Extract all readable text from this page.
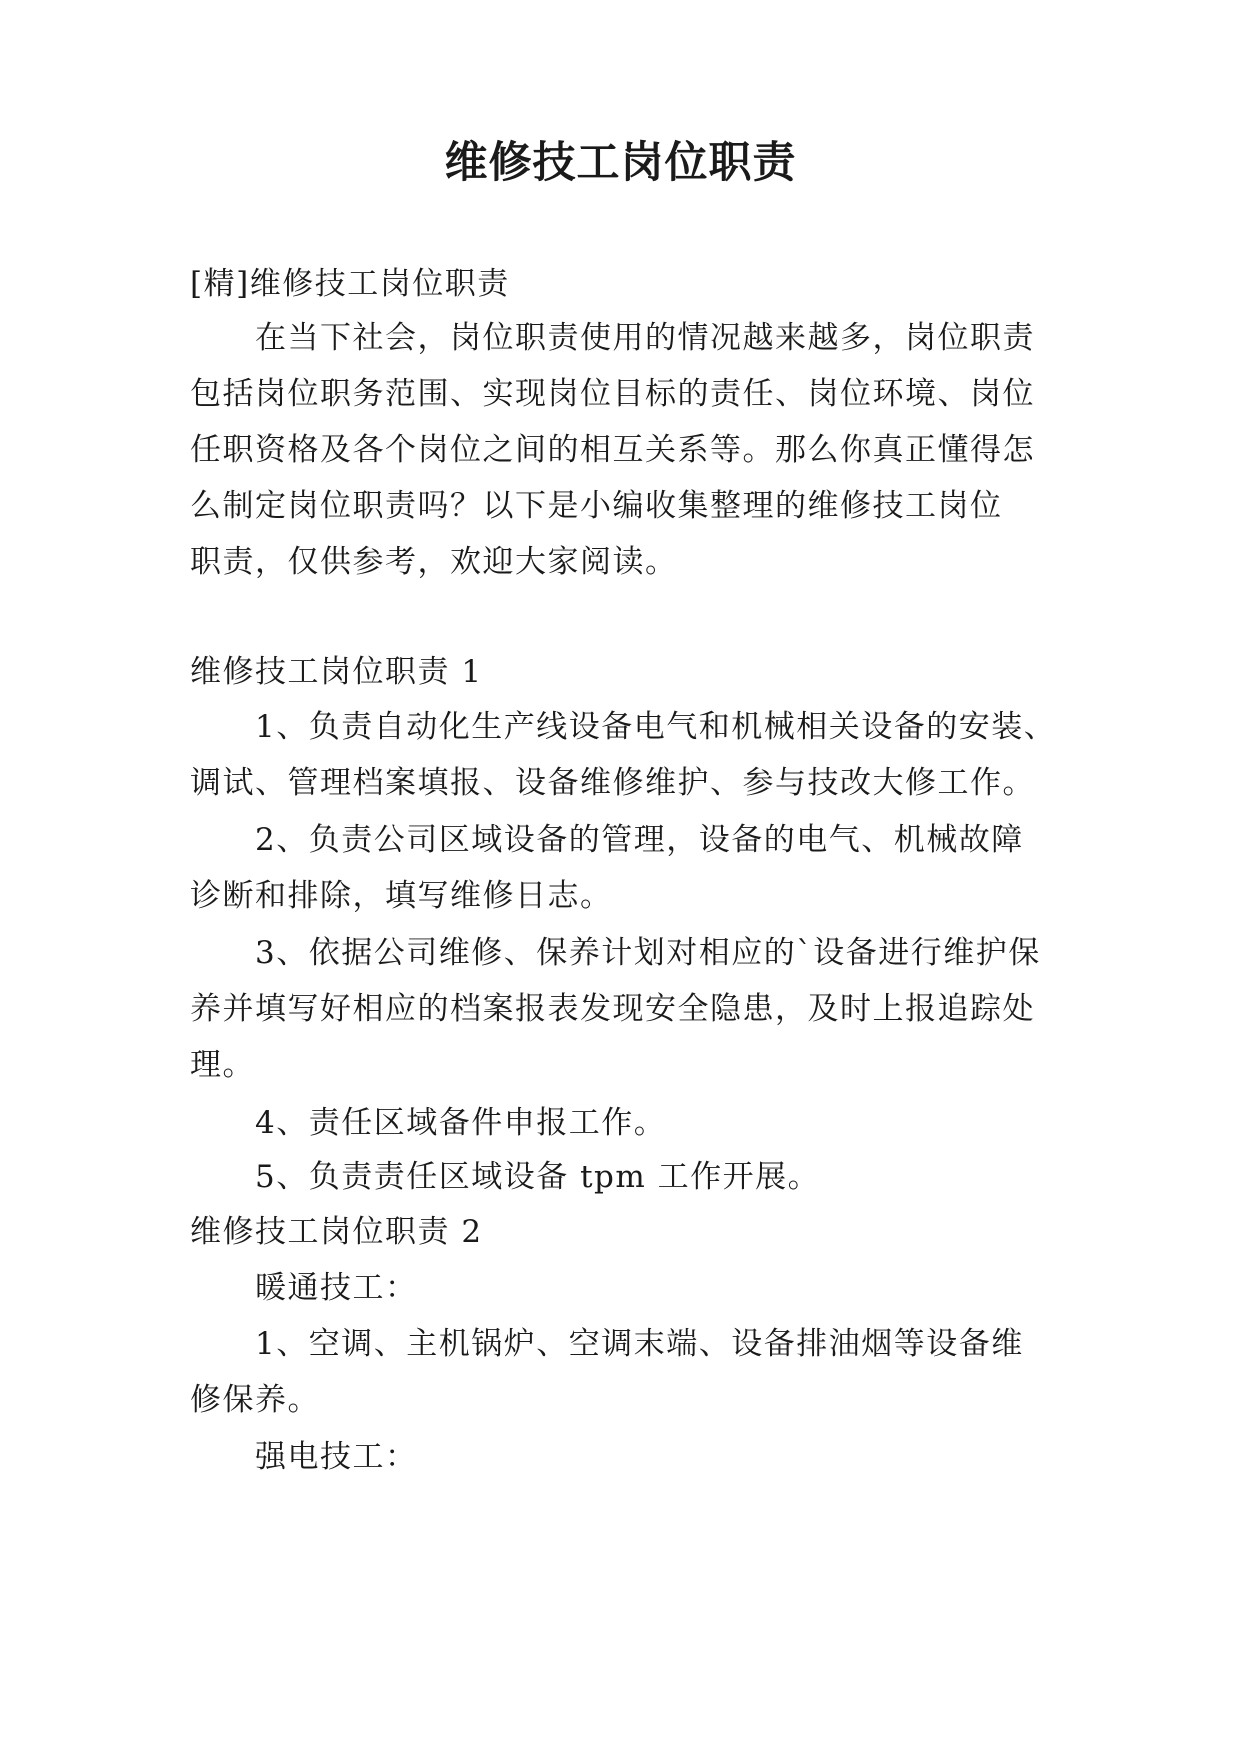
维修技工岗位职责
[精]维修技工岗位职责
在当下社会，岗位职责使用的情况越来越多，岗位职责
包括岗位职务范围、实现岗位目标的责任、岗位环境、岗位
任职资格及各个岗位之间的相互关系等。那么你真正懂得怎
么制定岗位职责吗？以下是小编收集整理的维修技工岗位
职责，仅供参考，欢迎大家阅读。
维修技工岗位职责 1
1、负责自动化生产线设备电气和机械相关设备的安装、
调试、管理档案填报、设备维修维护、参与技改大修工作。
2、负责公司区域设备的管理，设备的电气、机械故障
诊断和排除，填写维修日志。
3、依据公司维修、保养计划对相应的`设备进行维护保
养并填写好相应的档案报表发现安全隐患，及时上报追踪处
理。
4、责任区域备件申报工作。
5、负责责任区域设备 tpm 工作开展。
维修技工岗位职责 2
暖通技工：
1、空调、主机锅炉、空调末端、设备排油烟等设备维
修保养。
强电技工：
